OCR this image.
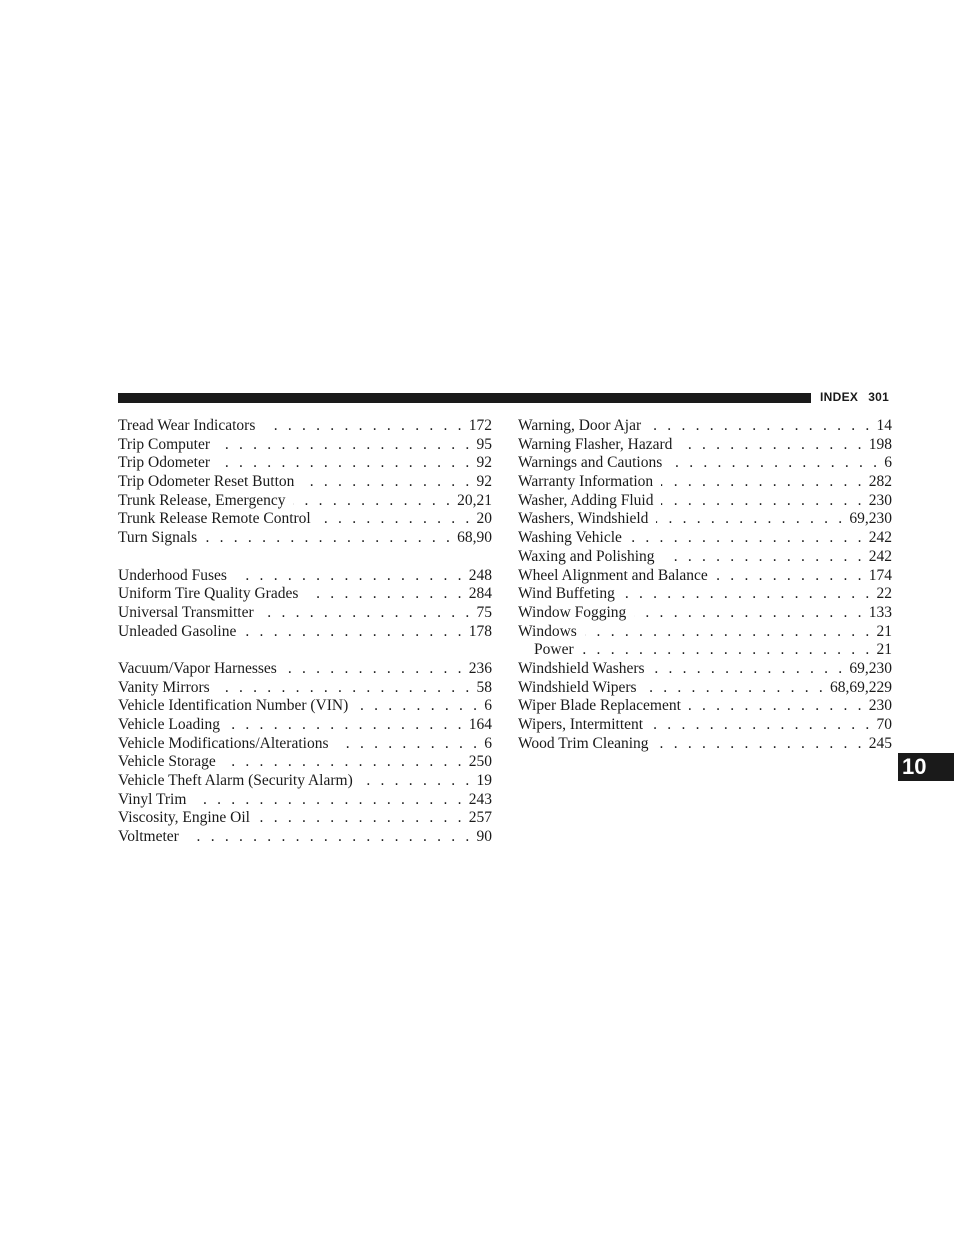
INDEX 301
Tread Wear Indicators . . .	172
Trip Computer . . .	95
Trip Odometer . . .	92
Trip Odometer Reset Button . . .	92
Trunk Release, Emergency . . .	20,21
Trunk Release Remote Control . . .	20
Turn Signals . . .	68,90
Underhood Fuses . . .	248
Uniform Tire Quality Grades . . .	284
Universal Transmitter . . .	75
Unleaded Gasoline . . .	178
Vacuum/Vapor Harnesses . . .	236
Vanity Mirrors . . .	58
Vehicle Identification Number (VIN) . . .	6
Vehicle Loading . . .	164
Vehicle Modifications/Alterations . . .	6
Vehicle Storage . . .	250
Vehicle Theft Alarm (Security Alarm) . . .	19
Vinyl Trim . . .	243
Viscosity, Engine Oil . . .	257
Voltmeter . . .	90
Warning, Door Ajar . . .	14
Warning Flasher, Hazard . . .	198
Warnings and Cautions . . .	6
Warranty Information . . .	282
Washer, Adding Fluid . . .	230
Washers, Windshield . . .	69,230
Washing Vehicle . . .	242
Waxing and Polishing . . .	242
Wheel Alignment and Balance . . .	174
Wind Buffeting . . .	22
Window Fogging . . .	133
Windows . . .	21
Power . . .	21
Windshield Washers . . .	69,230
Windshield Wipers . . .	68,69,229
Wiper Blade Replacement . . .	230
Wipers, Intermittent . . .	70
Wood Trim Cleaning . . .	245
10
